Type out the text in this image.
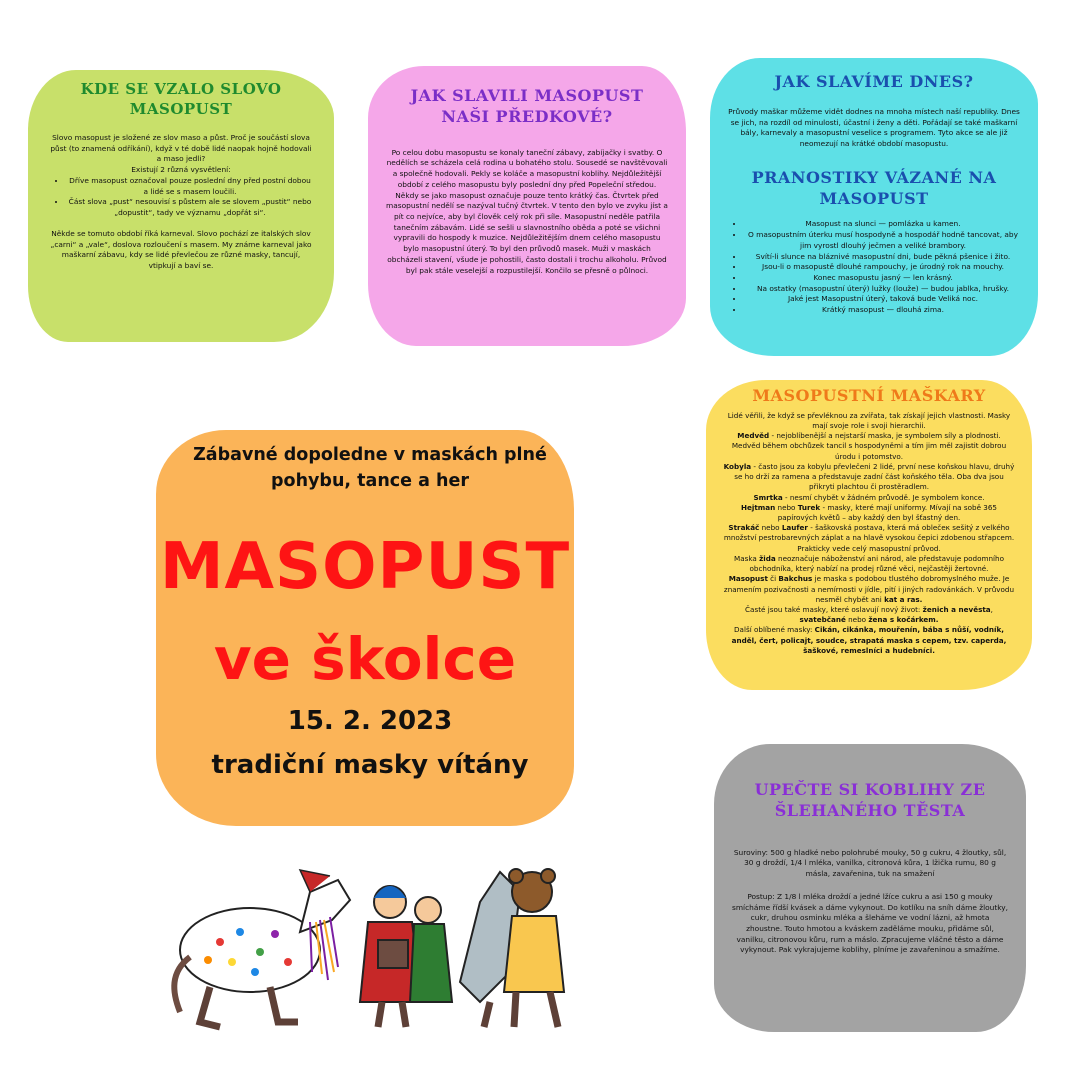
KDE SE VZALO SLOVO MASOPUST

Slovo masopust je složené ze slov maso a půst. Proč je součástí slova půst (to znamená odříkání), když v té době lidé naopak hojně hodovali a maso jedli?

Existují 2 různá vysvětlení:

• Dříve masopust označoval pouze poslední dny před postní dobou a lidé se s masem loučili.
• Část slova „pust“ nesouvisí s půstem ale se slovem „pustit“ nebo „dopustit“, tady ve významu „dopřát si“.

Někde se tomuto období říká karneval. Slovo pochází ze italských slov „carni“ a „vale“, doslova rozloučení s masem. My známe karneval jako maškarní zábavu, kdy se lidé převlečou ze různé masky, tancují, vtipkují a baví se.

JAK SLAVILI MASOPUST NAŠI PŘEDKOVÉ?

Po celou dobu masopustu se konaly taneční zábavy, zabíjačky i svatby. O nedělích se scházela celá rodina u bohatého stolu. Sousedé se navštěvovali a společně hodovali. Pekly se koláče a masopustní koblihy. Nejdůležitější období z celého masopustu byly poslední dny před Popeleční středou. Někdy se jako masopust označuje pouze tento krátký čas. Čtvrtek před masopustní nedělí se nazýval tučný čtvrtek. V tento den bylo ve zvyku jíst a pít co nejvíce, aby byl člověk celý rok při síle. Masopustní neděle patřila tanečním zábavám. Lidé se sešli u slavnostního oběda a poté se všichni vypravili do hospody k muzice. Nejdůležitějším dnem celého masopustu bylo masopustní úterý. To byl den průvodů masek. Muži v maskách obcházeli stavení, všude je pohostili, často dostali i trochu alkoholu. Průvod byl pak stále veselejší a rozpustilejší. Končilo se přesně o půlnoci.

JAK SLAVÍME DNES?

Průvody maškar můžeme vidět dodnes na mnoha místech naší republiky. Dnes se jich, na rozdíl od minulosti, účastní i ženy a děti. Pořádají se také maškarní bály, karnevaly a masopustní veselice s programem. Tyto akce se ale již neomezují na krátké období masopustu.

PRANOSTIKY VÁZANÉ NA MASOPUST
• Masopust na slunci — pomlázka u kamen.
• O masopustním úterku musí hospodyně a hospodář hodně tancovat, aby jim vyrostl dlouhý ječmen a veliké brambory.
• Svítí-li slunce na bláznivé masopustní dni, bude pěkná pšenice i žito.
• Jsou-li o masopustě dlouhé rampouchy, je úrodný rok na mouchy.
• Konec masopustu jasný — len krásný.
• Na ostatky (masopustní úterý) lužky (louže) — budou jablka, hrušky.
• Jaké jest Masopustní úterý, taková bude Veliká noc.
• Krátký masopust — dlouhá zima.
MASOPUSTNÍ MAŠKARY

Lidé věřili, že když se převléknou za zvířata, tak získají jejich vlastnosti. Masky mají svoje role i svoji hierarchii.

Medvěd - nejoblíbenější a nejstarší maska, je symbolem síly a plodnosti. Medvěd během obchůzek tancil s hospodyněmi a tím jim měl zajistit dobrou úrodu i potomstvo.

Kobyla - často jsou za kobylu převlečeni 2 lidé, první nese koňskou hlavu, druhý se ho drží za ramena a představuje zadní část koňského těla. Oba dva jsou přikryti plachtou či prostěradlem.

Smrtka - nesmí chybět v žádném průvodě. Je symbolem konce.

Hejtman nebo Turek - masky, které mají uniformy. Mívají na sobě 365 papírových květů – aby každý den byl šťastný den.

Strakáč nebo Laufer - šaškovská postava, která má oblečeк sešitý z velkého množství pestrobarevných záplat a na hlavě vysokou čepici zdobenou střapcem. Prakticky vede celý masopustní průvod.

Maska žida neoznačuje náboženství ani národ, ale představuje podomního obchodníka, který nabízí na prodej různé věci, nejčastěji žertovné.

Masopust či Bakchus je maska s podobou tlustého dobromyslného muže. Je znamením pozivačnosti a nemírnosti v jídle, pití i jiných radovánkách. V průvodu nesměl chybět ani kat a ras.

Časté jsou také masky, které oslavují nový život: ženich a nevěsta, svatebčané nebo žena s kočárkem.

Další oblíbené masky: Cikán, cikánka, mouřenín, bába s nůší, vodník, anděl, čert, policajt, soudce, strapatá maska s cepem, tzv. caperda, šaškové, remeslníci a hudebníci.

Zábavné dopoledne v maskách plné
pohybu, tance a her
MASOPUST
ve školce
15. 2. 2023
tradiční masky vítány
UPEČTE SI KOBLIHY ZE ŠLEHANÉHO TĚSTA

Suroviny: 500 g hladké nebo polohrubé mouky, 50 g cukru, 4 žloutky, sůl, 30 g droždí, 1/4 l mléka, vanilka, citronová kůra, 1 lžička rumu, 80 g másla, zavařenina, tuk na smažení

Postup: Z 1/8 l mléka droždí a jedné lžíce cukru a asi 150 g mouky smícháme řídší kvásek a dáme vykynout. Do kotlíku na sníh dáme žloutky, cukr, druhou osminku mléka a šleháme ve vodní lázni, až hmota zhoustne. Touto hmotou a kváskem zaděláme mouku, přidáme sůl, vanilku, citronovou kůru, rum a máslo. Zpracujeme vláčné těsto a dáme vykynout. Pak vykrajujeme koblihy, plníme je zavařeninou a smažíme.
